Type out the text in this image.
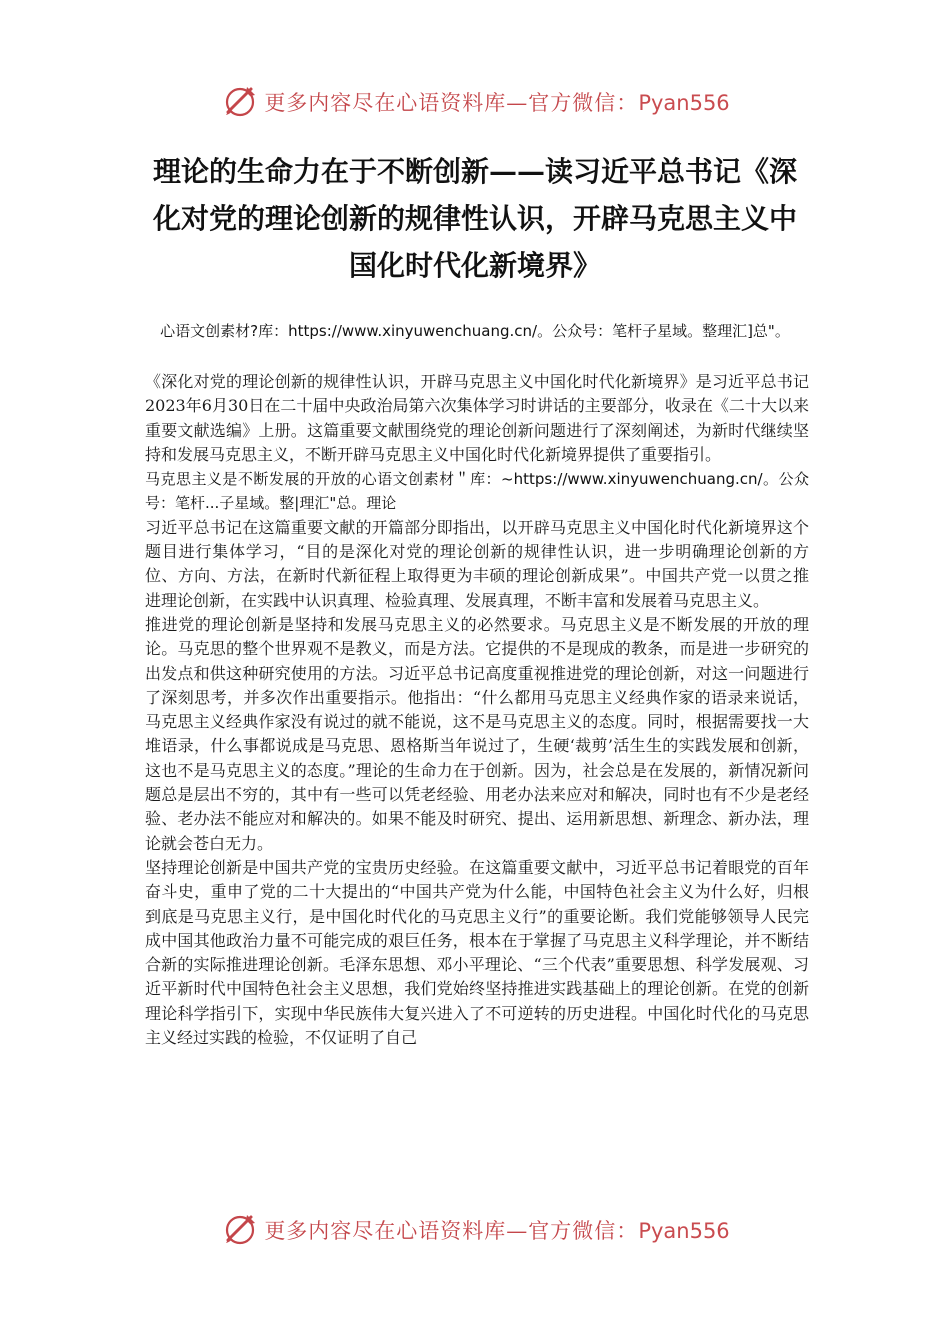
更多内容尽在心语资料库—官方微信：Pyan556
理论的生命力在于不断创新——读习近平总书记《深化对党的理论创新的规律性认识，开辟马克思主义中国化时代化新境界》

心语文创素材?库：https://www.xinyuwenchuang.cn/。公众号：笔杆子星域。整理汇]总"。

《深化对党的理论创新的规律性认识，开辟马克思主义中国化时代化新境界》是习近平总书记2023年6月30日在二十届中央政治局第六次集体学习时讲话的主要部分，收录在《二十大以来重要文献选编》上册。这篇重要文献围绕党的理论创新问题进行了深刻阐述，为新时代继续坚持和发展马克思主义，不断开辟马克思主义中国化时代化新境界提供了重要指引。

马克思主义是不断发展的开放的心语文创素材＂库：~https://www.xinyuwenchuang.cn/。公众号：笔杆...子星域。整|理汇"总。理论

习近平总书记在这篇重要文献的开篇部分即指出，以开辟马克思主义中国化时代化新境界这个题目进行集体学习，“目的是深化对党的理论创新的规律性认识，进一步明确理论创新的方位、方向、方法，在新时代新征程上取得更为丰硕的理论创新成果”。中国共产党一以贯之推进理论创新，在实践中认识真理、检验真理、发展真理，不断丰富和发展着马克思主义。

推进党的理论创新是坚持和发展马克思主义的必然要求。马克思主义是不断发展的开放的理论。马克思的整个世界观不是教义，而是方法。它提供的不是现成的教条，而是进一步研究的出发点和供这种研究使用的方法。习近平总书记高度重视推进党的理论创新，对这一问题进行了深刻思考，并多次作出重要指示。他指出：“什么都用马克思主义经典作家的语录来说话，马克思主义经典作家没有说过的就不能说，这不是马克思主义的态度。同时，根据需要找一大堆语录，什么事都说成是马克思、恩格斯当年说过了，生硬‘裁剪’活生生的实践发展和创新，这也不是马克思主义的态度。”理论的生命力在于创新。因为，社会总是在发展的，新情况新问题总是层出不穷的，其中有一些可以凭老经验、用老办法来应对和解决，同时也有不少是老经验、老办法不能应对和解决的。如果不能及时研究、提出、运用新思想、新理念、新办法，理论就会苍白无力。

坚持理论创新是中国共产党的宝贵历史经验。在这篇重要文献中，习近平总书记着眼党的百年奋斗史，重申了党的二十大提出的“中国共产党为什么能，中国特色社会主义为什么好，归根到底是马克思主义行，是中国化时代化的马克思主义行”的重要论断。我们党能够领导人民完成中国其他政治力量不可能完成的艰巨任务，根本在于掌握了马克思主义科学理论，并不断结合新的实际推进理论创新。毛泽东思想、邓小平理论、“三个代表”重要思想、科学发展观、习近平新时代中国特色社会主义思想，我们党始终坚持推进实践基础上的理论创新。在党的创新理论科学指引下，实现中华民族伟大复兴进入了不可逆转的历史进程。中国化时代化的马克思主义经过实践的检验，不仅证明了自己

更多内容尽在心语资料库—官方微信：Pyan556
